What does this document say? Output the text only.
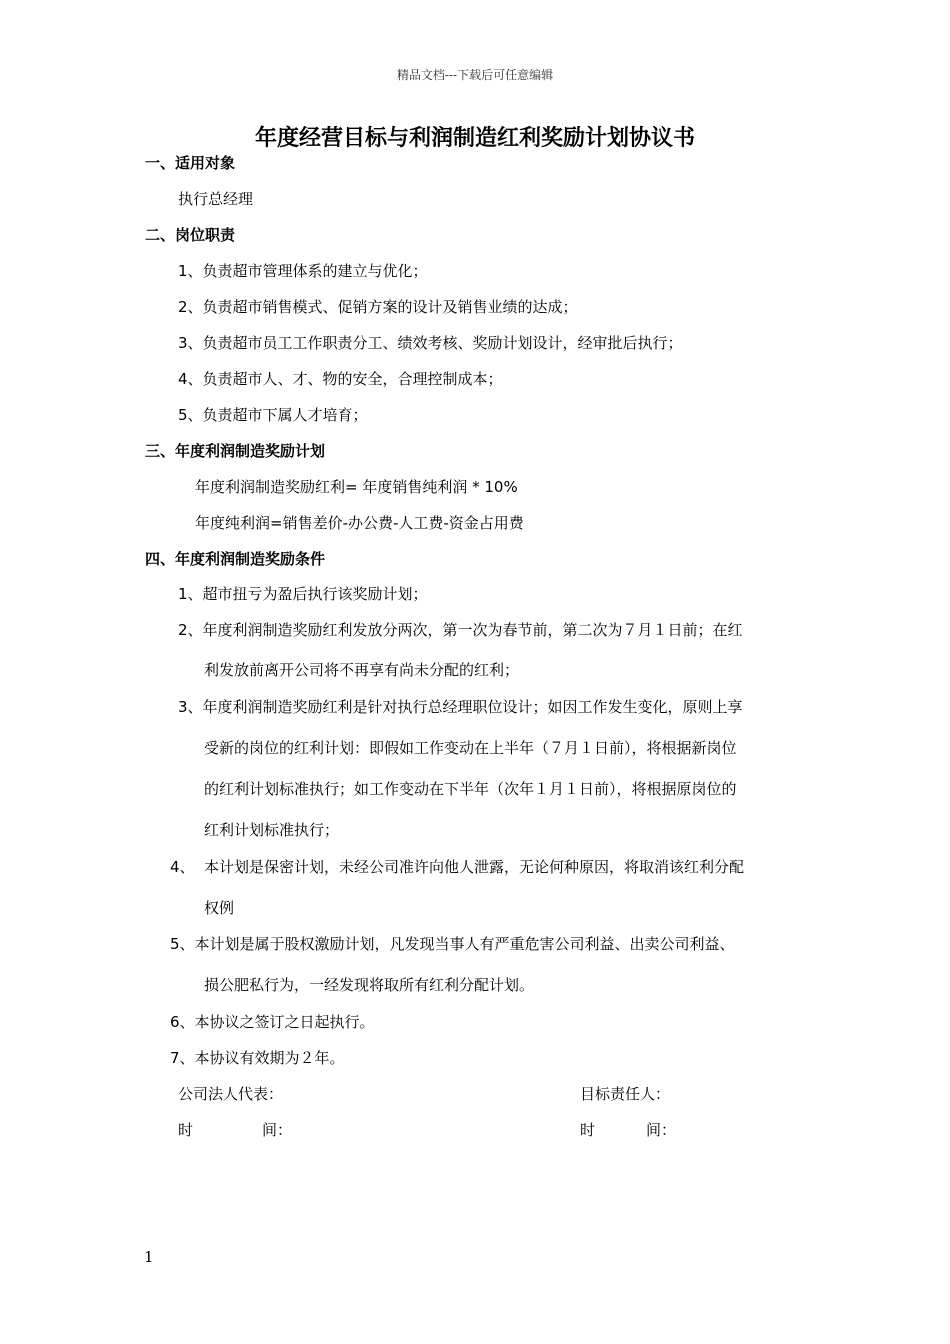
精品文档---下载后可任意编辑
年度经营目标与利润制造红利奖励计划协议书
一、适用对象
执行总经理
二、岗位职责
1、负责超市管理体系的建立与优化；
2、负责超市销售模式、促销方案的设计及销售业绩的达成；
3、负责超市员工工作职责分工、绩效考核、奖励计划设计，经审批后执行；
4、负责超市人、才、物的安全，合理控制成本；
5、负责超市下属人才培育；
三、年度利润制造奖励计划
年度利润制造奖励红利= 年度销售纯利润 * 10%
年度纯利润=销售差价-办公费-人工费-资金占用费
四、年度利润制造奖励条件
1、超市扭亏为盈后执行该奖励计划；
2、年度利润制造奖励红利发放分两次，第一次为春节前，第二次为７月１日前；在红
利发放前离开公司将不再享有尚未分配的红利；
3、年度利润制造奖励红利是针对执行总经理职位设计；如因工作发生变化，原则上享
受新的岗位的红利计划：即假如工作变动在上半年（７月１日前），将根据新岗位
的红利计划标准执行；如工作变动在下半年（次年１月１日前），将根据原岗位的
红利计划标准执行；
4、 本计划是保密计划，未经公司准许向他人泄露，无论何种原因，将取消该红利分配
权例
5、本计划是属于股权激励计划，凡发现当事人有严重危害公司利益、出卖公司利益、
损公肥私行为，一经发现将取所有红利分配计划。
6、本协议之签订之日起执行。
7、本协议有效期为２年。
公司法人代表：	目标责任人：
时	间：	时	间：
1
